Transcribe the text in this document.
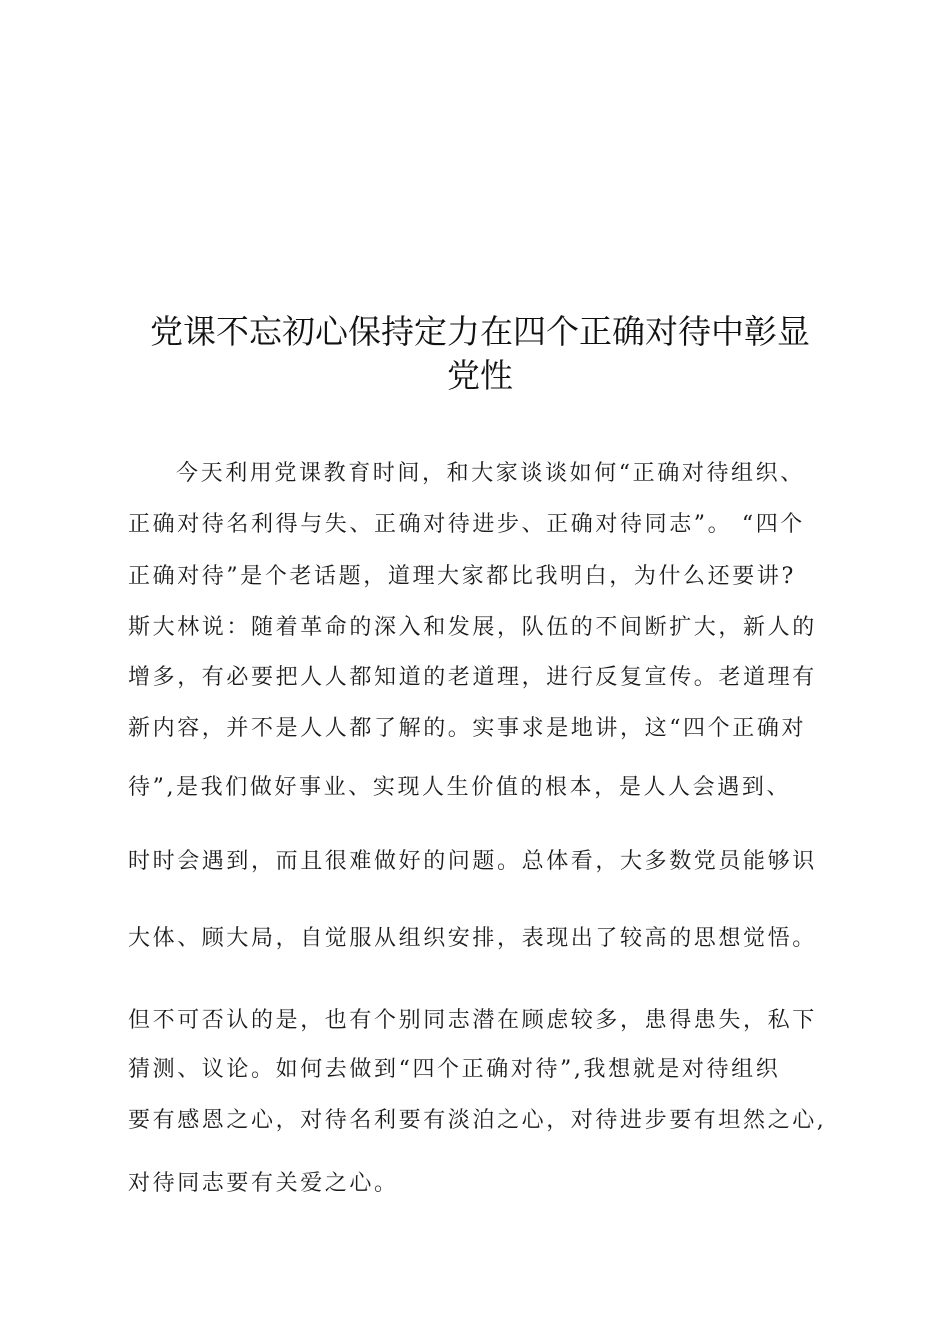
党课不忘初心保持定力在四个正确对待中彰显
党性

今天利用党课教育时间，和大家谈谈如何“正确对待组织、

正确对待名利得与失、正确对待进步、正确对待同志”。 “四个

正确对待”是个老话题，道理大家都比我明白，为什么还要讲?

斯大林说：随着革命的深入和发展，队伍的不间断扩大，新人的

增多，有必要把人人都知道的老道理，进行反复宣传。老道理有

新内容，并不是人人都了解的。实事求是地讲，这“四个正确对

待”,是我们做好事业、实现人生价值的根本，是人人会遇到、

时时会遇到，而且很难做好的问题。总体看，大多数党员能够识

大体、顾大局，自觉服从组织安排，表现出了较高的思想觉悟。

但不可否认的是，也有个别同志潜在顾虑较多，患得患失，私下

猜测、议论。如何去做到“四个正确对待”,我想就是对待组织

要有感恩之心，对待名利要有淡泊之心，对待进步要有坦然之心,

对待同志要有关爱之心。
